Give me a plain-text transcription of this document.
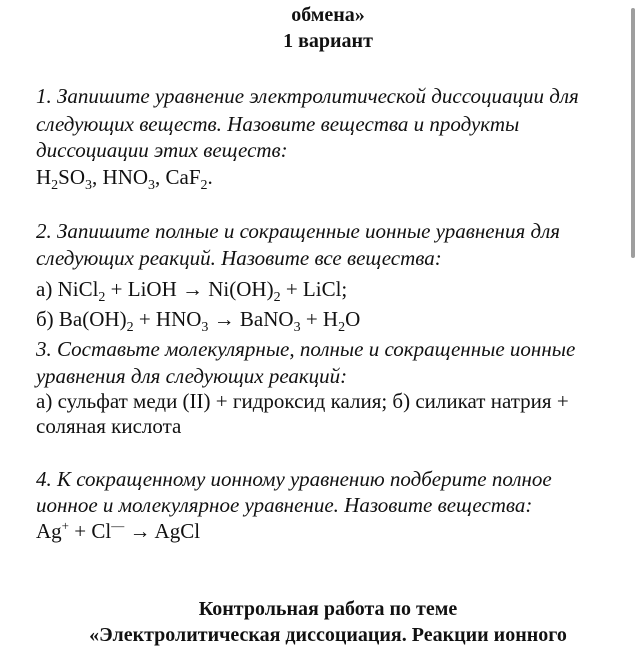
обмена»
1 вариант
1. Запишите уравнение электролитической диссоциации для
следующих веществ. Назовите вещества и продукты
диссоциации этих веществ:
$H_2SO_3$, $HNO_3$, CaF$_2$.
2. Запишите полные и сокращенные ионные уравнения для
следующих реакций. Назовите все вещества:
а) NiCl$_2$ + LiOH → $Ni(OH)_2$ + LiCl;
б) $Ba(OH)_2 + HNO_3$ → BaNO$_3$ + $H_2O$
3. Составьте молекулярные, полные и сокращенные ионные
уравнения для следующих реакций:
а) сульфат меди (II) + гидроксид калия; б) силикат натрия +
соляная кислота
4. К сокращенному ионному уравнению подберите полное
ионное и молекулярное уравнение. Назовите вещества:
Ag+ + Cl— → AgCl
Контрольная работа по теме
«Электролитическая диссоциация. Реакции ионного
